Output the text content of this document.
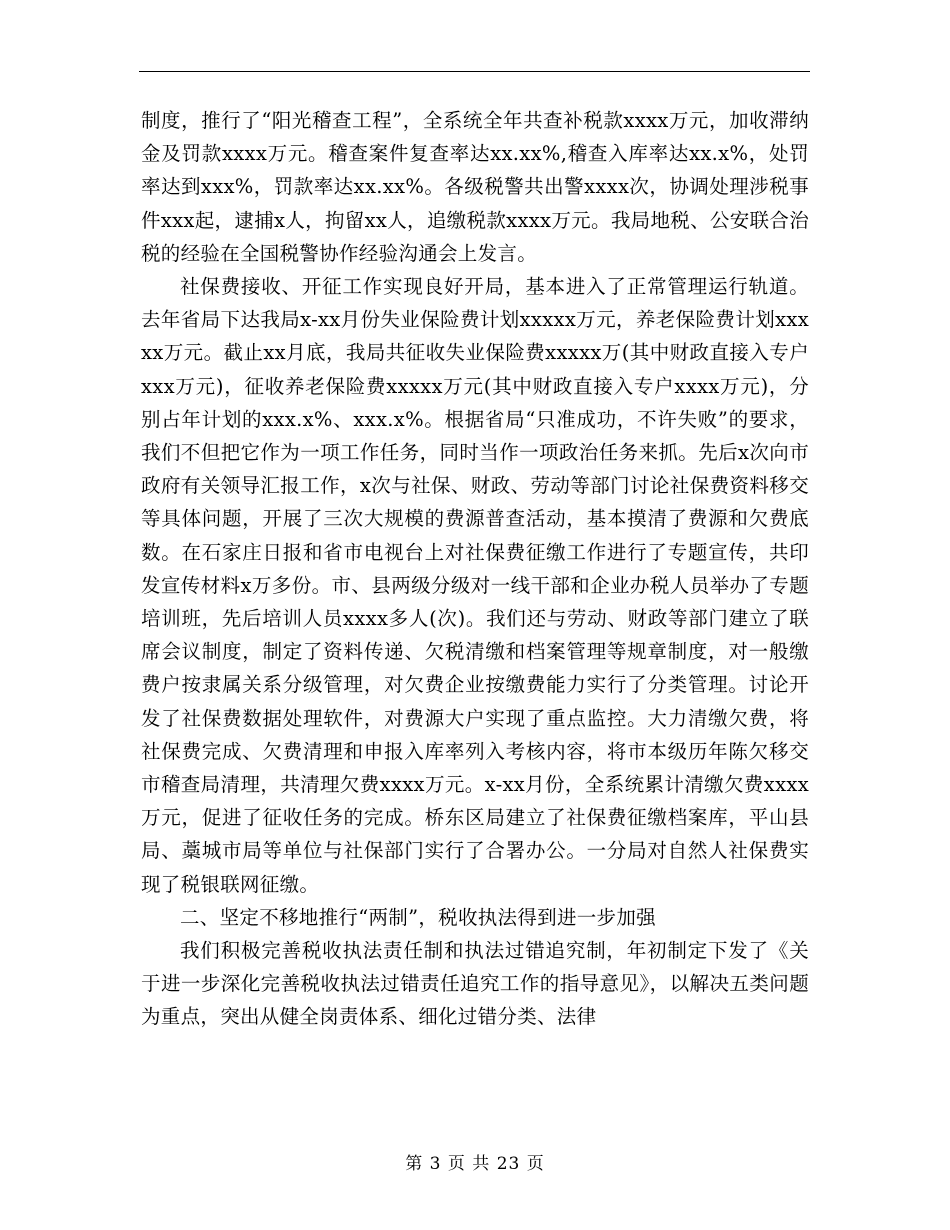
制度，推行了“阳光稽查工程”，全系统全年共查补税款xxxx万元，加收滞纳金及罚款xxxx万元。稽查案件复查率达xx.xx%,稽查入库率达xx.x%，处罚率达到xxx%，罚款率达xx.xx%。各级税警共出警xxxx次，协调处理涉税事件xxx起，逮捕x人，拘留xx人，追缴税款xxxx万元。我局地税、公安联合治税的经验在全国税警协作经验沟通会上发言。

社保费接收、开征工作实现良好开局，基本进入了正常管理运行轨道。去年省局下达我局x-xx月份失业保险费计划xxxxx万元，养老保险费计划xxxxx万元。截止xx月底，我局共征收失业保险费xxxxx万(其中财政直接入专户xxx万元)，征收养老保险费xxxxx万元(其中财政直接入专户xxxx万元)，分别占年计划的xxx.x%、xxx.x%。根据省局“只准成功，不许失败”的要求，我们不但把它作为一项工作任务，同时当作一项政治任务来抓。先后x次向市政府有关领导汇报工作，x次与社保、财政、劳动等部门讨论社保费资料移交等具体问题，开展了三次大规模的费源普查活动，基本摸清了费源和欠费底数。在石家庄日报和省市电视台上对社保费征缴工作进行了专题宣传，共印发宣传材料x万多份。市、县两级分级对一线干部和企业办税人员举办了专题培训班，先后培训人员xxxx多人(次)。我们还与劳动、财政等部门建立了联席会议制度，制定了资料传递、欠税清缴和档案管理等规章制度，对一般缴费户按隶属关系分级管理，对欠费企业按缴费能力实行了分类管理。讨论开发了社保费数据处理软件，对费源大户实现了重点监控。大力清缴欠费，将社保费完成、欠费清理和申报入库率列入考核内容，将市本级历年陈欠移交市稽查局清理，共清理欠费xxxx万元。x-xx月份，全系统累计清缴欠费xxxx万元，促进了征收任务的完成。桥东区局建立了社保费征缴档案库，平山县局、藁城市局等单位与社保部门实行了合署办公。一分局对自然人社保费实现了税银联网征缴。

二、坚定不移地推行“两制”，税收执法得到进一步加强

我们积极完善税收执法责任制和执法过错追究制，年初制定下发了《关于进一步深化完善税收执法过错责任追究工作的指导意见》，以解决五类问题为重点，突出从健全岗责体系、细化过错分类、法律

第 3 页 共 23 页
